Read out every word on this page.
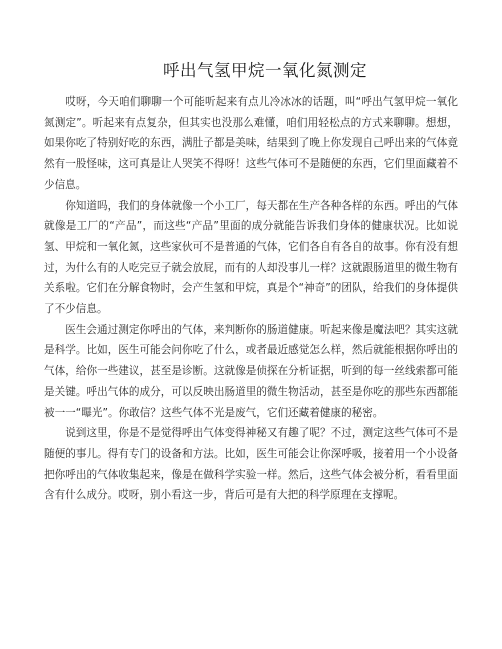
呼出气氢甲烷一氧化氮测定

哎呀，今天咱们聊聊一个可能听起来有点儿冷冰冰的话题，叫“呼出气氢甲烷一氧化氮测定”。听起来有点复杂，但其实也没那么难懂，咱们用轻松点的方式来聊聊。想想，如果你吃了特别好吃的东西，满肚子都是美味，结果到了晚上你发现自己呼出来的气体竟然有一股怪味，这可真是让人哭笑不得呀！这些气体可不是随便的东西，它们里面藏着不少信息。

你知道吗，我们的身体就像一个小工厂，每天都在生产各种各样的东西。呼出的气体就像是工厂的“产品”，而这些“产品”里面的成分就能告诉我们身体的健康状况。比如说氢、甲烷和一氧化氮，这些家伙可不是普通的气体，它们各自有各自的故事。你有没有想过，为什么有的人吃完豆子就会放屁，而有的人却没事儿一样？这就跟肠道里的微生物有关系啦。它们在分解食物时，会产生氢和甲烷，真是个“神奇”的团队，给我们的身体提供了不少信息。

医生会通过测定你呼出的气体，来判断你的肠道健康。听起来像是魔法吧？其实这就是科学。比如，医生可能会问你吃了什么，或者最近感觉怎么样，然后就能根据你呼出的气体，给你一些建议，甚至是诊断。这就像是侦探在分析证据，听到的每一丝线索都可能是关键。呼出气体的成分，可以反映出肠道里的微生物活动，甚至是你吃的那些东西都能被一一“曝光”。你敢信？这些气体不光是废气，它们还藏着健康的秘密。

说到这里，你是不是觉得呼出气体变得神秘又有趣了呢？不过，测定这些气体可不是随便的事儿。得有专门的设备和方法。比如，医生可能会让你深呼吸，接着用一个小设备把你呼出的气体收集起来，像是在做科学实验一样。然后，这些气体会被分析，看看里面含有什么成分。哎呀，别小看这一步，背后可是有大把的科学原理在支撑呢。
